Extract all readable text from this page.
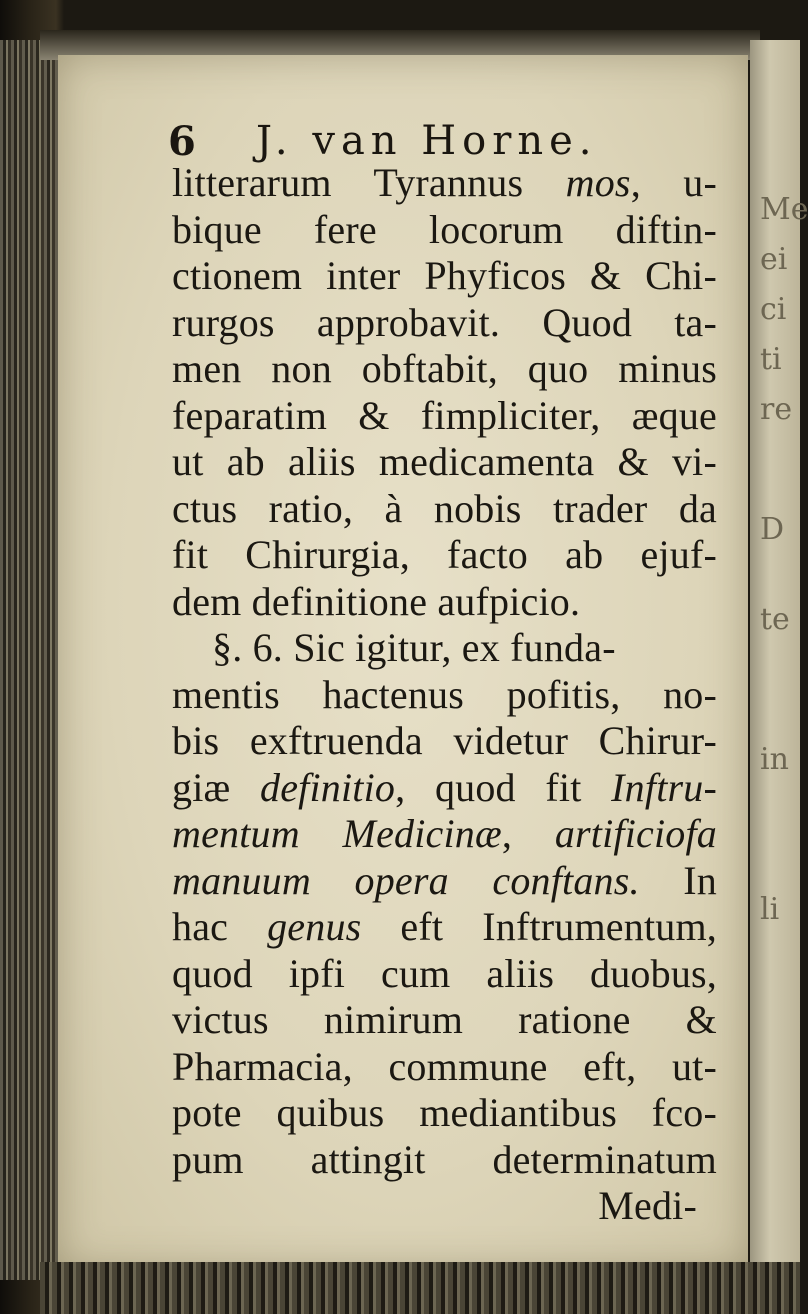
Me
ei
ci
ti
re
D
te
in
li
6 J. van Horne.
litterarum Tyrannus mos, u-
bique fere locorum diftin-
ctionem inter Phyficos & Chi-
rurgos approbavit. Quod ta-
men non obftabit, quo minus
feparatim & fimpliciter, æque
ut ab aliis medicamenta & vi-
ctus ratio, à nobis trader da
fit Chirurgia, facto ab ejuf-
dem definitione aufpicio.
§. 6. Sic igitur, ex funda-
mentis hactenus pofitis, no-
bis exftruenda videtur Chirur-
giæ definitio, quod fit Inftru-
mentum Medicinæ, artificiofa
manuum opera conftans. In
hac genus eft Inftrumentum,
quod ipfi cum aliis duobus,
victus nimirum ratione &
Pharmacia, commune eft, ut-
pote quibus mediantibus fco-
pum attingit determinatum
Medi-
